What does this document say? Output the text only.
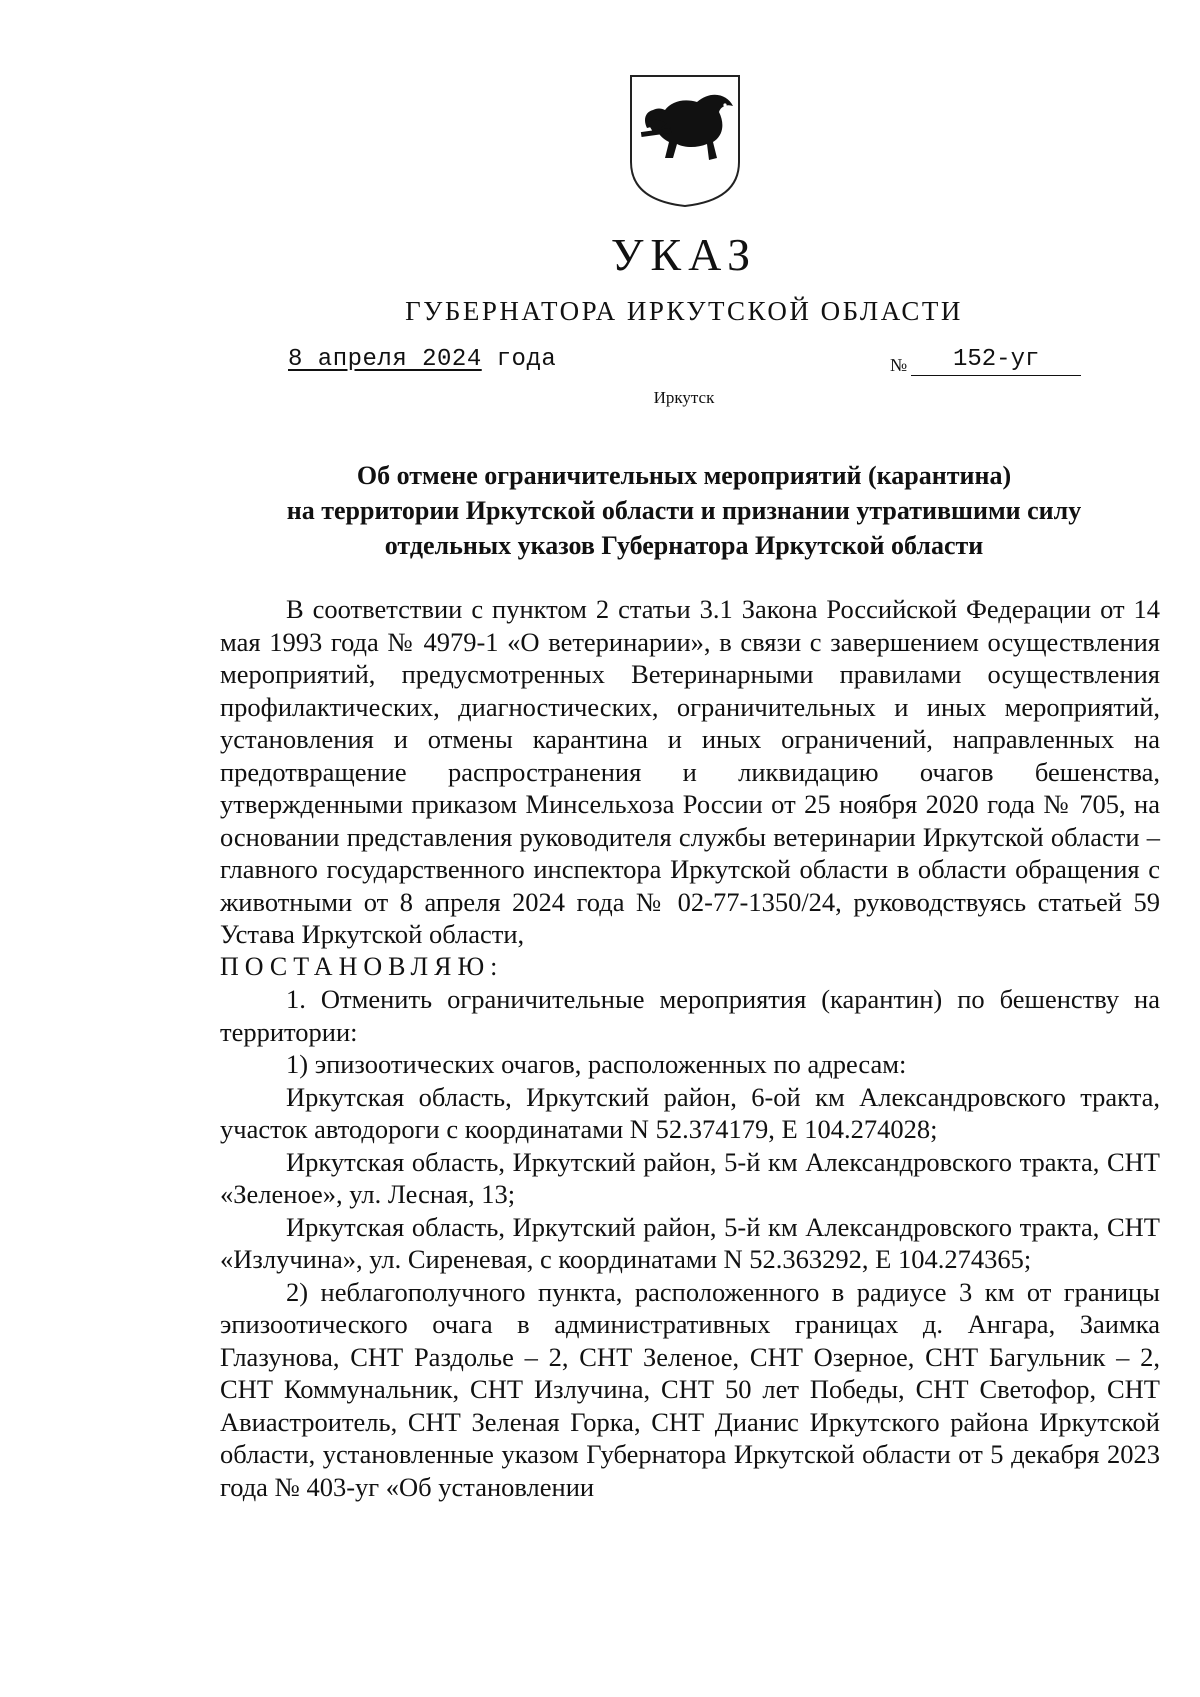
УКАЗ
ГУБЕРНАТОРА ИРКУТСКОЙ ОБЛАСТИ
8 апреля 2024 года	№ 152-уг
Иркутск
Об отмене ограничительных мероприятий (карантина)
на территории Иркутской области и признании утратившими силу
отдельных указов Губернатора Иркутской области

В соответствии с пунктом 2 статьи 3.1 Закона Российской Федерации от 14 мая 1993 года № 4979-1 «О ветеринарии», в связи с завершением осуществления мероприятий, предусмотренных Ветеринарными правилами осуществления профилактических, диагностических, ограничительных и иных мероприятий, установления и отмены карантина и иных ограничений, направленных на предотвращение распространения и ликвидацию очагов бешенства, утвержденными приказом Минсельхоза России от 25 ноября 2020 года № 705, на основании представления руководителя службы ветеринарии Иркутской области – главного государственного инспектора Иркутской области в области обращения с животными от 8 апреля 2024 года № 02-77-1350/24, руководствуясь статьей 59 Устава Иркутской области,

ПОСТАНОВЛЯЮ:

1. Отменить ограничительные мероприятия (карантин) по бешенству на территории:

1) эпизоотических очагов, расположенных по адресам:

Иркутская область, Иркутский район, 6-ой км Александровского тракта, участок автодороги с координатами N 52.374179, Е 104.274028;

Иркутская область, Иркутский район, 5-й км Александровского тракта, СНТ «Зеленое», ул. Лесная, 13;

Иркутская область, Иркутский район, 5-й км Александровского тракта, СНТ «Излучина», ул. Сиреневая, с координатами N 52.363292, Е 104.274365;

2) неблагополучного пункта, расположенного в радиусе 3 км от границы эпизоотического очага в административных границах д. Ангара, Заимка Глазунова, СНТ Раздолье – 2, СНТ Зеленое, СНТ Озерное, СНТ Багульник – 2, СНТ Коммунальник, СНТ Излучина, СНТ 50 лет Победы, СНТ Светофор, СНТ Авиастроитель, СНТ Зеленая Горка, СНТ Дианис Иркутского района Иркутской области, установленные указом Губернатора Иркутской области от 5 декабря 2023 года № 403-уг «Об установлении
